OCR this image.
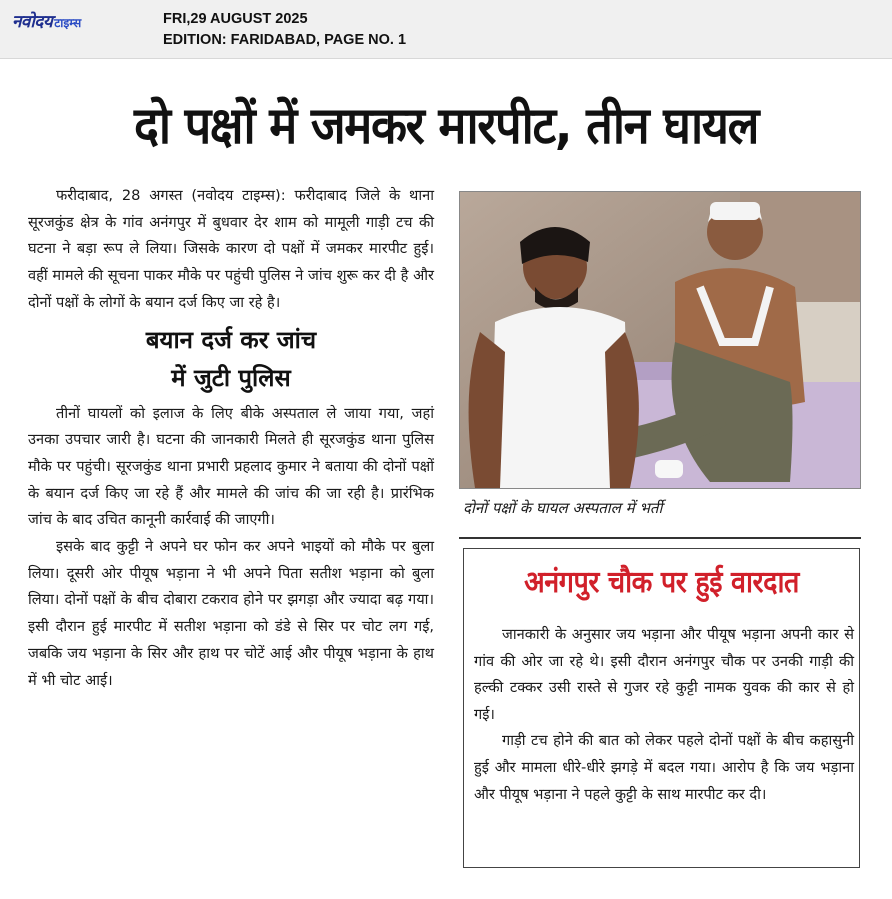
नवोदय टाइम्स	FRI,29 AUGUST 2025
EDITION: FARIDABAD, PAGE NO. 1
दो पक्षों में जमकर मारपीट, तीन घायल

फरीदाबाद, 28 अगस्त (नवोदय टाइम्स): फरीदाबाद जिले के थाना सूरजकुंड क्षेत्र के गांव अनंगपुर में बुधवार देर शाम को मामूली गाड़ी टच की घटना ने बड़ा रूप ले लिया। जिसके कारण दो पक्षों में जमकर मारपीट हुई। वहीं मामले की सूचना पाकर मौके पर पहुंची पुलिस ने जांच शुरू कर दी है और दोनों पक्षों के लोगों के बयान दर्ज किए जा रहे है।

बयान दर्ज कर जांच
में जुटी पुलिस

तीनों घायलों को इलाज के लिए बीके अस्पताल ले जाया गया, जहां उनका उपचार जारी है। घटना की जानकारी मिलते ही सूरजकुंड थाना पुलिस मौके पर पहुंची। सूरजकुंड थाना प्रभारी प्रहलाद कुमार ने बताया की दोनों पक्षों के बयान दर्ज किए जा रहे हैं और मामले की जांच की जा रही है। प्रारंभिक जांच के बाद उचित कानूनी कार्रवाई की जाएगी।

इसके बाद कुट्टी ने अपने घर फोन कर अपने भाइयों को मौके पर बुला लिया। दूसरी ओर पीयूष भड़ाना ने भी अपने पिता सतीश भड़ाना को बुला लिया। दोनों पक्षों के बीच दोबारा टकराव होने पर झगड़ा और ज्यादा बढ़ गया। इसी दौरान हुई मारपीट में सतीश भड़ाना को डंडे से सिर पर चोट लग गई, जबकि जय भड़ाना के सिर और हाथ पर चोटें आई और पीयूष भड़ाना के हाथ में भी चोट आई।

दोनों पक्षों के घायल अस्पताल में भर्ती
अनंगपुर चौक पर हुई वारदात

जानकारी के अनुसार जय भड़ाना और पीयूष भड़ाना अपनी कार से गांव की ओर जा रहे थे। इसी दौरान अनंगपुर चौक पर उनकी गाड़ी की हल्की टक्कर उसी रास्ते से गुजर रहे कुट्टी नामक युवक की कार से हो गई।

गाड़ी टच होने की बात को लेकर पहले दोनों पक्षों के बीच कहासुनी हुई और मामला धीरे-धीरे झगड़े में बदल गया। आरोप है कि जय भड़ाना और पीयूष भड़ाना ने पहले कुट्टी के साथ मारपीट कर दी।
